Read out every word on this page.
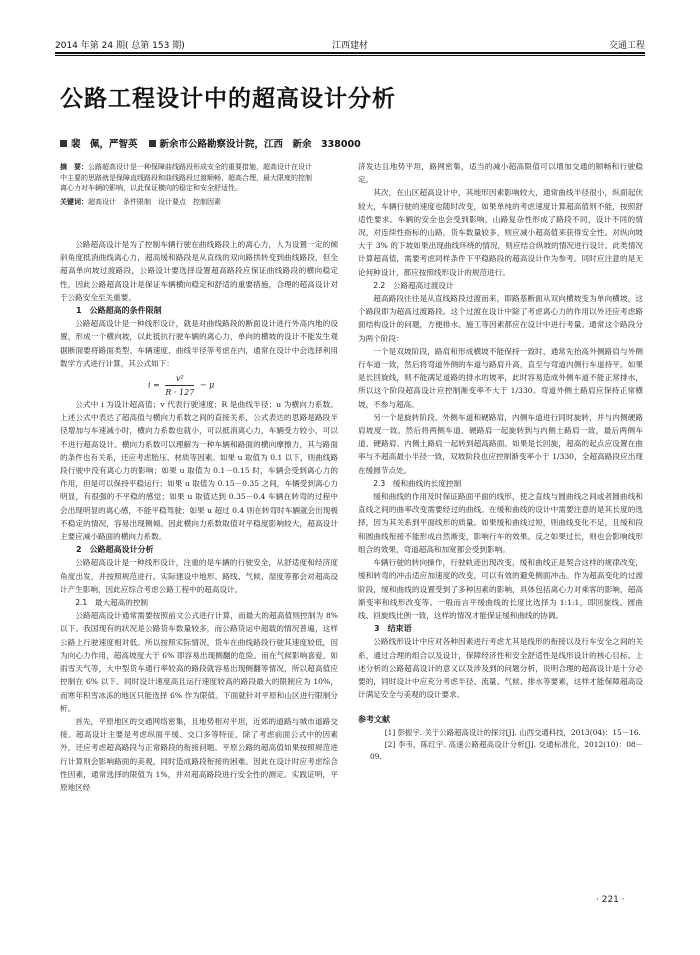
2014 年第 24 期( 总第 153 期)	江西建材	交通工程
公路工程设计中的超高设计分析
裴　佩，严智英 新余市公路勘察设计院，江西　新余　338000

摘　要：公路超高设计是一种保障曲线路段形成安全的重要措施，超高设计在设计中主要的思路就是保障直线路段和曲线路段过渡顺畅，超高合理，最大限度的控制离心力对车辆的影响，以此保证横向的稳定和安全舒适性。

关键词：超高设计　条件限制　设计要点　控制因素

公路超高设计是为了控制车辆行驶在曲线路段上的离心力，人为设置一定的倾斜角度抵消曲线离心力，超高缓和路段是从直线的双向路拱转变到曲线路段，但全超高单向坡过渡路段，公路设计要选择设置超高路段应保证曲线路段的横向稳定性，因此公路超高设计是保证车辆横向稳定和舒适的重要措施，合理的超高设计对于公路安全至关重要。

1　公路超高的条件限制

公路超高设计是一种线形设计，就是对曲线路段的断面设计进行外高内地的设置，形成一个横向坡，以此抵抗行驶车辆的离心力，单向的横坡的设计不能发生观据断面要将路面类型、车辆速度、曲线半径等考虑在内，通常在设计中会选择利用数学方式进行计算，其公式如下：

$i = \frac{\text{v²}}{R \cdot 127} - \mu$

公式中 i 为设计超高值；v 代表行驶速度；R 是曲线半径；u 为横向力系数。上述公式中表达了超高值与横向力系数之间的直接关系，公式表达的思路是路段半径增加与车速减小时，横向力系数也就小，可以抵消离心力，车辆受力较小，可以不进行超高设计。横向力系数可以理解为一种车辆和路面的横向摩擦力，其与路面的条件也有关系，还应考虑胎压、材质等因素。如果 u 取值为 0.1 以下，则曲线路段行驶中没有离心力的影响；如果 u 取值为 0.1－0.15 时，车辆会受到离心力的作用，但是可以保持平稳运行；如果 u 取值为 0.15－0.35 之间，车辆受到离心力明显，有很强的不平稳的感觉；如果 u 取值达到 0.35－0.4 车辆在转弯的过程中会出现明显的离心感，不能平稳驾驶；如果 u 超过 0.4 则在转弯时车辆就会出现极不稳定的情况，容易出现侧倾。因此横向力系数取值对平稳度影响较大，超高设计主要应减小路面的横向力系数。

2　公路超高设计分析

公路超高设计是一种线形设计，注重的是车辆的行驶安全，从舒适度和经济度角度出发，并按照规范进行。实际建设中地形、路线、气候、湿度等都会对超高设计产生影响，因此应综合考虑公路工程中的超高设计。

2.1　最大超高的控制

公路超高设计通常需要按照前文公式进行计算，而最大的超高值则控制为 8% 以下。我国现有的状况是公路货车数量较多，而公路货运中超载的情况普遍，这样公路上行驶速度相对低。所以按照实际情况，货车在曲线路段行驶其速度较低，因为向心力作用，超高坡度大于 6% 即容易出现侧翻的危险。而在气候影响喜爱，如雨雪天气等，大中型货车通行率较高的路段就容易出现侧翻等情况，所以超高值应控制在 6% 以下。同时设计速度高且运行速度较高的路段最大的限制应为 10%，而寒年积雪冰冻的地区只能选择 6% 作为限值。下面就针对平原和山区进行限制分析。

首先，平原地区的交通网络密集，且地势相对平坦，近郊的道路与城市道路交接。超高设计主要是考虑纵面平缓、交口多等特征，除了考虑前面公式中的因素外，还应考虑超高路段与正常路段的衔接问题。平原公路的超高值如果按照规范进行计算则会影响路面的美观，同时造成路段衔接的困难。因此在设计时应考虑综合性因素，通常选择的限值为 1%，并对超高路段进行安全性的测定。实践证明，平原地区经

济发达且地势平坦，路网密集，适当的减小超高限值可以增加交通的顺畅和行驶稳定。

其次，在山区超高设计中，其地形因素影响较大，通常曲线半径很小，纵面起伏较大，车辆行驶的速度也随时改变，如果单纯的考虑速度计算超高值则不能，按照舒适性要求。车辆的安全也会受到影响。山路复杂性形成了路段不同，设计不同的情况，对连续性指标的山路，货车数量较多，则应减小超高值来获得安全性。对纵向坡大于 3% 的下坡如果出现曲线环绕的情况，则应结合纵坡的情况进行设计。此类情况计算超高值，需要考虑同样条件下平稳路段的超高设计作为参考。同时应注意的是无论何种设计，都应按照线形设计的规范进行。

2.2　公路超高过渡设计

超高路段往往是从直线路段过渡而来，即路基断面从双向横坡变为单向横坡，这个路段即为超高过渡路段。这个过渡在设计中除了考虑离心力的作用以外还应考虑路面结构设计的问题，方便排水、施工等因素都应在设计中进行考量。通常这个路段分为两个阶段：

一个是双坡阶段，路肩和形成横坡不能保持一致时，通常先抬高外侧路肩与外侧行车道一致，然后将弯道外侧的车道与路肩升高，直至与弯道内侧行车道持平。如果是长回旋线，则不能满足道路的排水的坡率，此时容易造成外侧车道不能正常排水，所以这个阶段超高设计应控制渐变率不大于 1/330。弯道外侧土路肩应保持正常横坡，不参与超高。

另一个是旋转阶段。外侧车道和硬路肩，内侧车道进行同时旋转，并与内侧硬路肩坡度一致。然后将两侧车道、硬路肩一起旋转到与内侧土路肩一致，最后两侧车道、硬路肩、内侧土路肩一起转到超高路面。如果是长回旋，超高的起点应设置在曲率与不超高最小半径一致，双坡阶段也应控制渐变率小于 1/330，全超高路段应出现在缓圆节点处。

2.3　缓和曲线的长度控制

缓和曲线的作用及时保证路面平面的线形，使之直线与圆曲线之间或者圆曲线和直线之间的曲率改变需要经过的曲线。在缓和曲线的设计中需要注意的是其长度的选择，因为其关系到平面线形的质量。如果缓和曲线过短，则曲线变化不足，且缓和段和圆曲线衔接不能形成自然渐变，影响行车的效果。反之如果过长，则也会影响线形组合的效果，弯道超高和加宽都会受到影响。

车辆行驶的转向操作，行驶轨迹出现改变，缓和曲线正是契合这样的规律改变，缓和转弯的冲击适应加速度的改变，可以有效的避免侧面冲击。作为超高变化的过渡阶段，缓和曲线的设置受到了多种因素的影响，具体包括离心力对乘客的影响，超高渐变率和线形改变等。一般而言平缓曲线的长度比选择为 1:1:1，即回旋线、圆曲线、回旋线比例一致，这样的情况才能保证缓和曲线的协调。

3　结束语

公路线形设计中应对各种因素进行考虑尤其是线形的衔接以及行车安全之间的关系，通过合理的组合以及设计，保障经济性和安全舒适性是线形设计的核心目标。上述分析的公路超高设计的意义以及涉及到的问题分析，说明合理的超高设计是十分必要的，同时设计中应充分考虑半径、流量、气候、排水等要素，这样才能保障超高设计满足安全与美观的设计要求。

参考文献

[1] 彭振宇. 关于公路超高设计的探讨[J]. 山西交通科技，2013(04)：15－16.

[2] 李韦，陈红宇. 高速公路超高设计分析[J]. 交通标准化，2012(10)：08－09.

· 221 ·
